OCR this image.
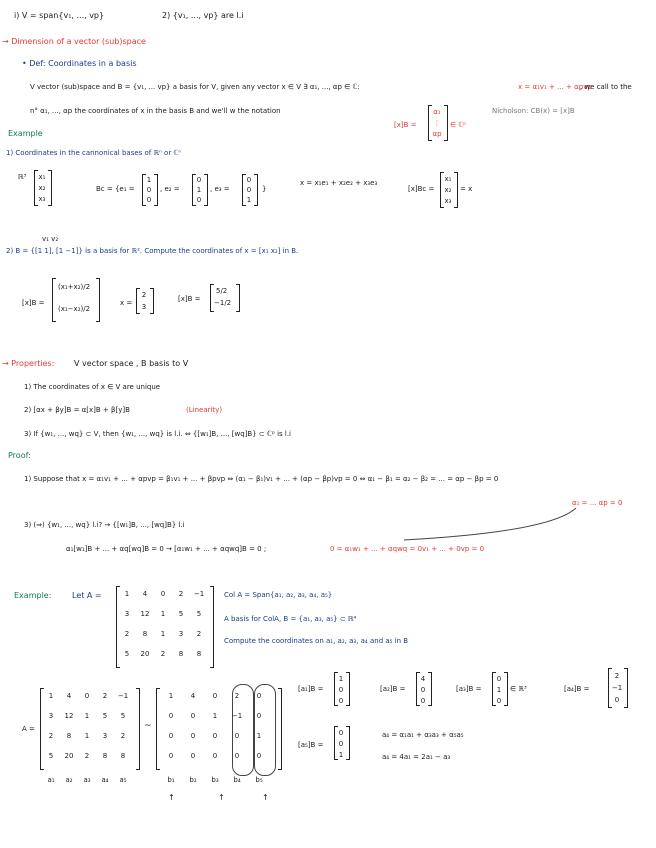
i) V = span{v₁, ..., vp}	2) {v₁, ..., vp} are l.i
→ Dimension of a vector (sub)space
• Def: Coordinates in a basis
V vector (sub)space and B = {v₁, ... vp} a basis for V, given any vector x ∈ V ∃ α₁, ..., αp ∈ ℂ:	x = α₁v₁ + ... + αpvp
, we call to the
n° α₁, ..., αp the coordinates of x in the basis B and we'll w the notation
[x]B =
α₁
⋮
αp
∈ ℂᵖ
Nicholson: CB(x) = [x]B
Example
1) Coordinates in the cannonical bases of ℝⁿ or ℂⁿ
ℝ³	x₁
x₂
x₃
Bc = {e₁ =
1
0
0
, e₂ =
0
1
0
, e₃ =
0
0
1
}
x = x₁e₁ + x₂e₂ + x₃e₃
[x]Bc =
x₁
x₂
x₃
= x
v₁ v₂
2) B = {[1 1], [1 −1]} is a basis for ℝ². Compute the coordinates of x = [x₁ x₂] in B.
[x]B =
(x₁+x₂)/2
(x₁−x₂)/2
x =
2
3
[x]B =
5/2
−1/2
→ Properties: V vector space , B basis to V
1) The coordinates of x ∈ V are unique
2) [αx + βy]B = α[x]B + β[y]B	(Linearity)
3) If {w₁, ..., wq} ⊂ V, then {w₁, ..., wq} is l.i. ⇔ {[w₁]B, ..., [wq]B} ⊂ ℂᵖ is l.i
Proof:
1) Suppose that x = α₁v₁ + ... + αpvp = β₁v₁ + ... + βpvp ⇔ (α₁ − β₁)v₁ + ... + (αp − βp)vp = 0 ⇔ α₁ − β₁ = α₂ − β₂ = ... = αp − βp = 0
α₁ = ... αp = 0
3) (⇒) {w₁, ..., wq} l.i? → {[w₁]B, ..., [wq]B} l.i
α₁[w₁]B + ... + αq[wq]B = 0 → [α₁w₁ + ... + αqwq]B = 0 ;	0 = α₁w₁ + ... + αqwq = 0v₁ + ... + 0vp = 0
Example:	Let A =	1	4	0	2	−1
3	12	1	5	5
2	8	1	3	2
5	20	2	8	8
Col A = Span{a₁, a₂, a₃, a₄, a₅}
A basis for ColA, B = {a₁, a₃, a₅} ⊂ ℝ⁴
Compute the coordinates on a₁, a₂, a₃, a₄ and a₅ in B
A =
1	4	0	2	−1
3	12	1	5	5
2	8	1	3	2
5	20	2	8	8
a₁	a₂	a₃	a₄	a₅
~
1	4	0	2	0
0	0	1	−1	0
0	0	0	0	1
0	0	0	0	0
b₁	b₂	b₃	b₄	b₅
↑	↑	↑
[a₁]B =
1
0
0
[a₂]B =
4
0
0
[a₃]B =
0
1
0
∈ ℝ³	[a₄]B =
2
−1
0
[a₅]B =
0
0
1
a₄ = α₁a₁ + α₃a₃ + α₅a₅
a₄ = 4a₁ = 2a₁ − a₃
